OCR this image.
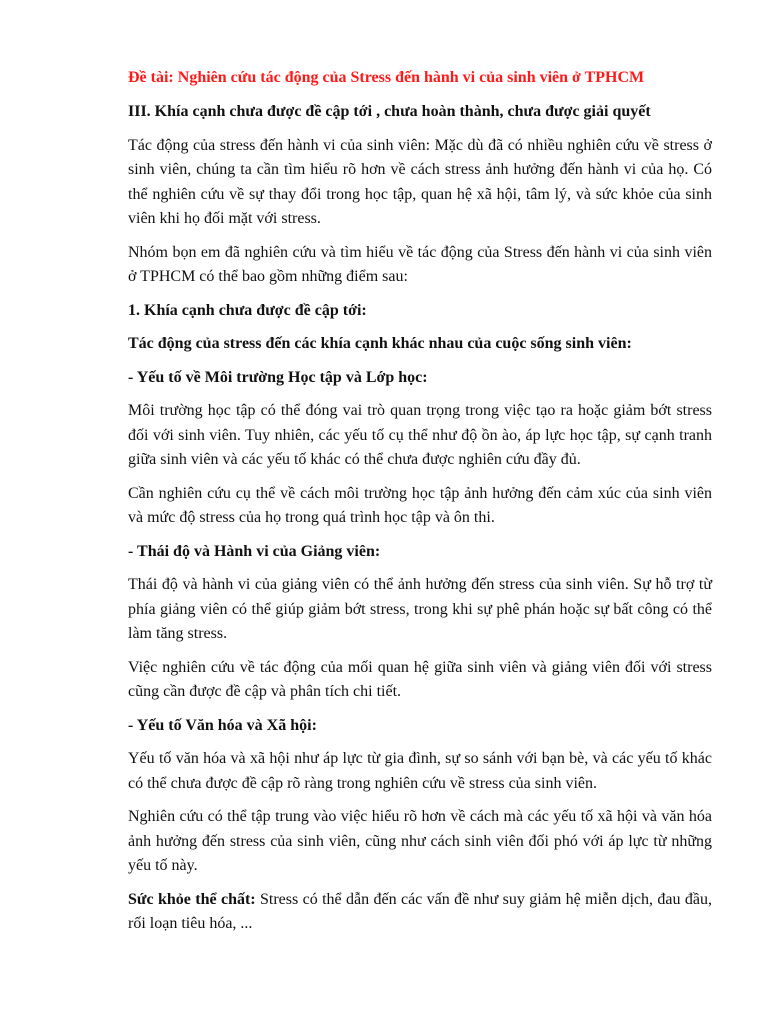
Đề tài: Nghiên cứu tác động của Stress đến hành vi của sinh viên ở TPHCM

III. Khía cạnh chưa được đề cập tới , chưa hoàn thành, chưa được giải quyết

Tác động của stress đến hành vi của sinh viên: Mặc dù đã có nhiều nghiên cứu về stress ở sinh viên, chúng ta cần tìm hiểu rõ hơn về cách stress ảnh hưởng đến hành vi của họ. Có thể nghiên cứu về sự thay đổi trong học tập, quan hệ xã hội, tâm lý, và sức khỏe của sinh viên khi họ đối mặt với stress.

Nhóm bọn em đã nghiên cứu và tìm hiểu về tác động của Stress đến hành vi của sinh viên ở TPHCM có thể bao gồm những điểm sau:

1. Khía cạnh chưa được đề cập tới:

Tác động của stress đến các khía cạnh khác nhau của cuộc sống sinh viên:

- Yếu tố về Môi trường Học tập và Lớp học:

Môi trường học tập có thể đóng vai trò quan trọng trong việc tạo ra hoặc giảm bớt stress đối với sinh viên. Tuy nhiên, các yếu tố cụ thể như độ ồn ào, áp lực học tập, sự cạnh tranh giữa sinh viên và các yếu tố khác có thể chưa được nghiên cứu đầy đủ.

Cần nghiên cứu cụ thể về cách môi trường học tập ảnh hưởng đến cảm xúc của sinh viên và mức độ stress của họ trong quá trình học tập và ôn thi.

- Thái độ và Hành vi của Giảng viên:

Thái độ và hành vi của giảng viên có thể ảnh hưởng đến stress của sinh viên. Sự hỗ trợ từ phía giảng viên có thể giúp giảm bớt stress, trong khi sự phê phán hoặc sự bất công có thể làm tăng stress.

Việc nghiên cứu về tác động của mối quan hệ giữa sinh viên và giảng viên đối với stress cũng cần được đề cập và phân tích chi tiết.

- Yếu tố Văn hóa và Xã hội:

Yếu tố văn hóa và xã hội như áp lực từ gia đình, sự so sánh với bạn bè, và các yếu tố khác có thể chưa được đề cập rõ ràng trong nghiên cứu về stress của sinh viên.

Nghiên cứu có thể tập trung vào việc hiểu rõ hơn về cách mà các yếu tố xã hội và văn hóa ảnh hưởng đến stress của sinh viên, cũng như cách sinh viên đối phó với áp lực từ những yếu tố này.

Sức khỏe thể chất: Stress có thể dẫn đến các vấn đề như suy giảm hệ miễn dịch, đau đầu, rối loạn tiêu hóa, ...
